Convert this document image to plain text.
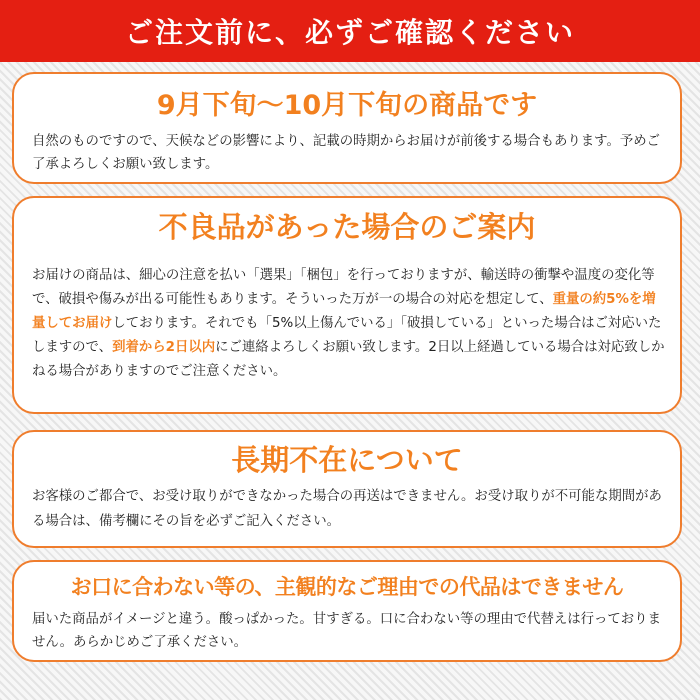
ご注文前に、必ずご確認ください
9月下旬〜10月下旬の商品です
自然のものですので、天候などの影響により、記載の時期からお届けが前後する場合もあります。予めご了承よろしくお願い致します。
不良品があった場合のご案内
お届けの商品は、細心の注意を払い「選果」「梱包」を行っておりますが、輸送時の衝撃や温度の変化等で、破損や傷みが出る可能性もあります。そういった万が一の場合の対応を想定して、重量の約5%を増量してお届けしております。それでも「5%以上傷んでいる」「破損している」といった場合はご対応いたしますので、到着から2日以内にご連絡よろしくお願い致します。2日以上経過している場合は対応致しかねる場合がありますのでご注意ください。
長期不在について
お客様のご都合で、お受け取りができなかった場合の再送はできません。お受け取りが不可能な期間がある場合は、備考欄にその旨を必ずご記入ください。
お口に合わない等の、主観的なご理由での代品はできません
届いた商品がイメージと違う。酸っぱかった。甘すぎる。口に合わない等の理由で代替えは行っておりません。あらかじめご了承ください。
